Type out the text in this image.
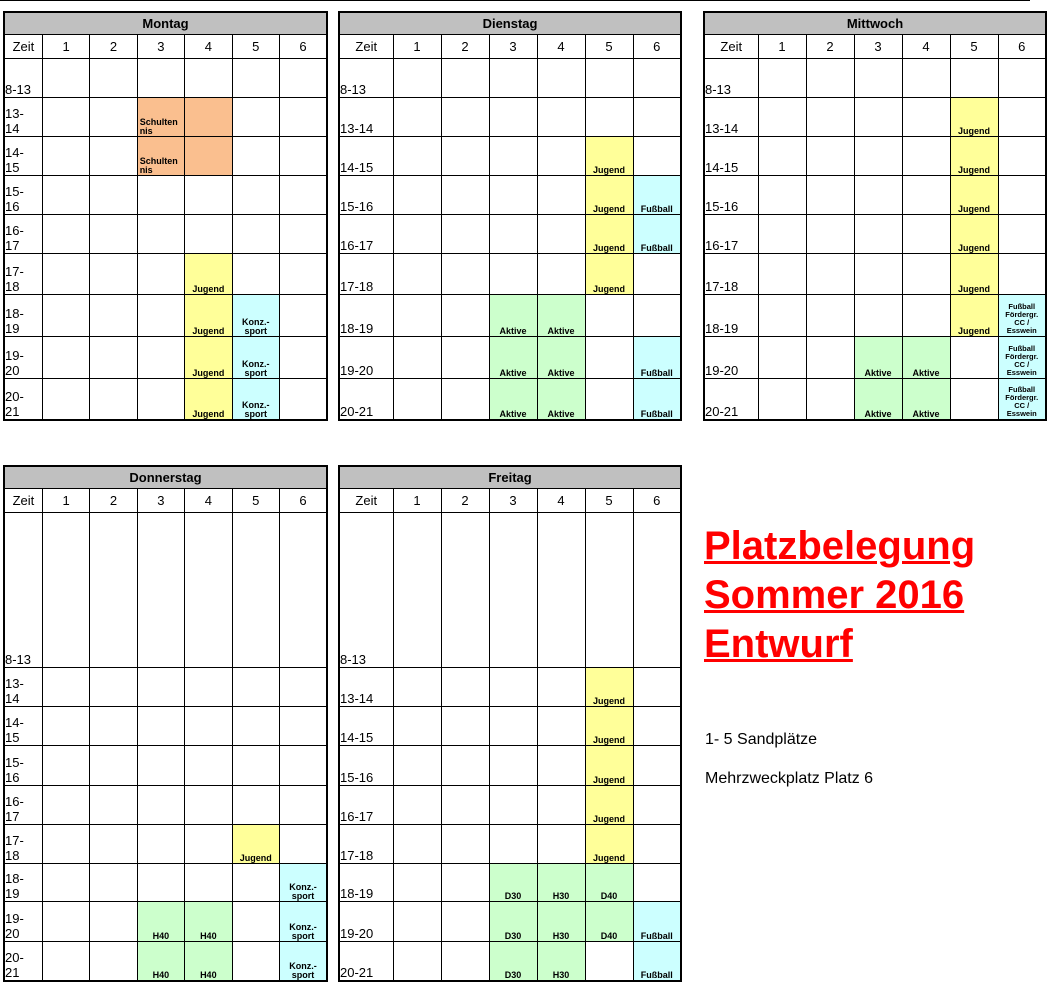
Montag						
Zeit	1	2	3	4	5	6
8-13						
13-
14			Schulten
nis			
14-
15			Schulten
nis			
15-
16						
16-
17						
17-
18				Jugend		
18-
19				Jugend	Konz.-
sport	
19-
20				Jugend	Konz.-
sport	
20-
21				Jugend	Konz.-
sport	
Dienstag						
Zeit	1	2	3	4	5	6
8-13						
13-14						
14-15					Jugend	
15-16					Jugend	Fußball

16-17					Jugend	Fußball
17-18					Jugend	
18-19			Aktive	Aktive		
19-20			Aktive	Aktive		Fußball
20-21			Aktive	Aktive		Fußball
Mittwoch						
Zeit	1	2	3	4	5	6
8-13						
13-14					Jugend	
14-15					Jugend	
15-16					Jugend	
16-17					Jugend	
17-18					Jugend	
18-19					Jugend	Fußball
Fördergr.
CC /
Esswein
19-20			Aktive	Aktive		Fußball
Fördergr.
CC /
Esswein
20-21			Aktive	Aktive		Fußball
Fördergr.
CC /
Esswein
Donnerstag						
Zeit	1	2	3	4	5	6
8-13						
13-
14						
14-
15						
15-
16						
16-
17						
17-
18					Jugend	
18-
19						Konz.-
sport
19-
20			H40	H40		Konz.-
sport
20-
21			H40	H40		Konz.-
sport
Freitag						
Zeit	1	2	3	4	5	6
8-13						
13-14					Jugend	
14-15					Jugend	
15-16					Jugend	
16-17					Jugend	
17-18					Jugend	
18-19			D30	H30	D40	
19-20			D30	H30	D40	Fußball
20-21			D30	H30		Fußball
Platzbelegung
Sommer 2016
Entwurf
1- 5 Sandplätze
Mehrzweckplatz Platz 6
